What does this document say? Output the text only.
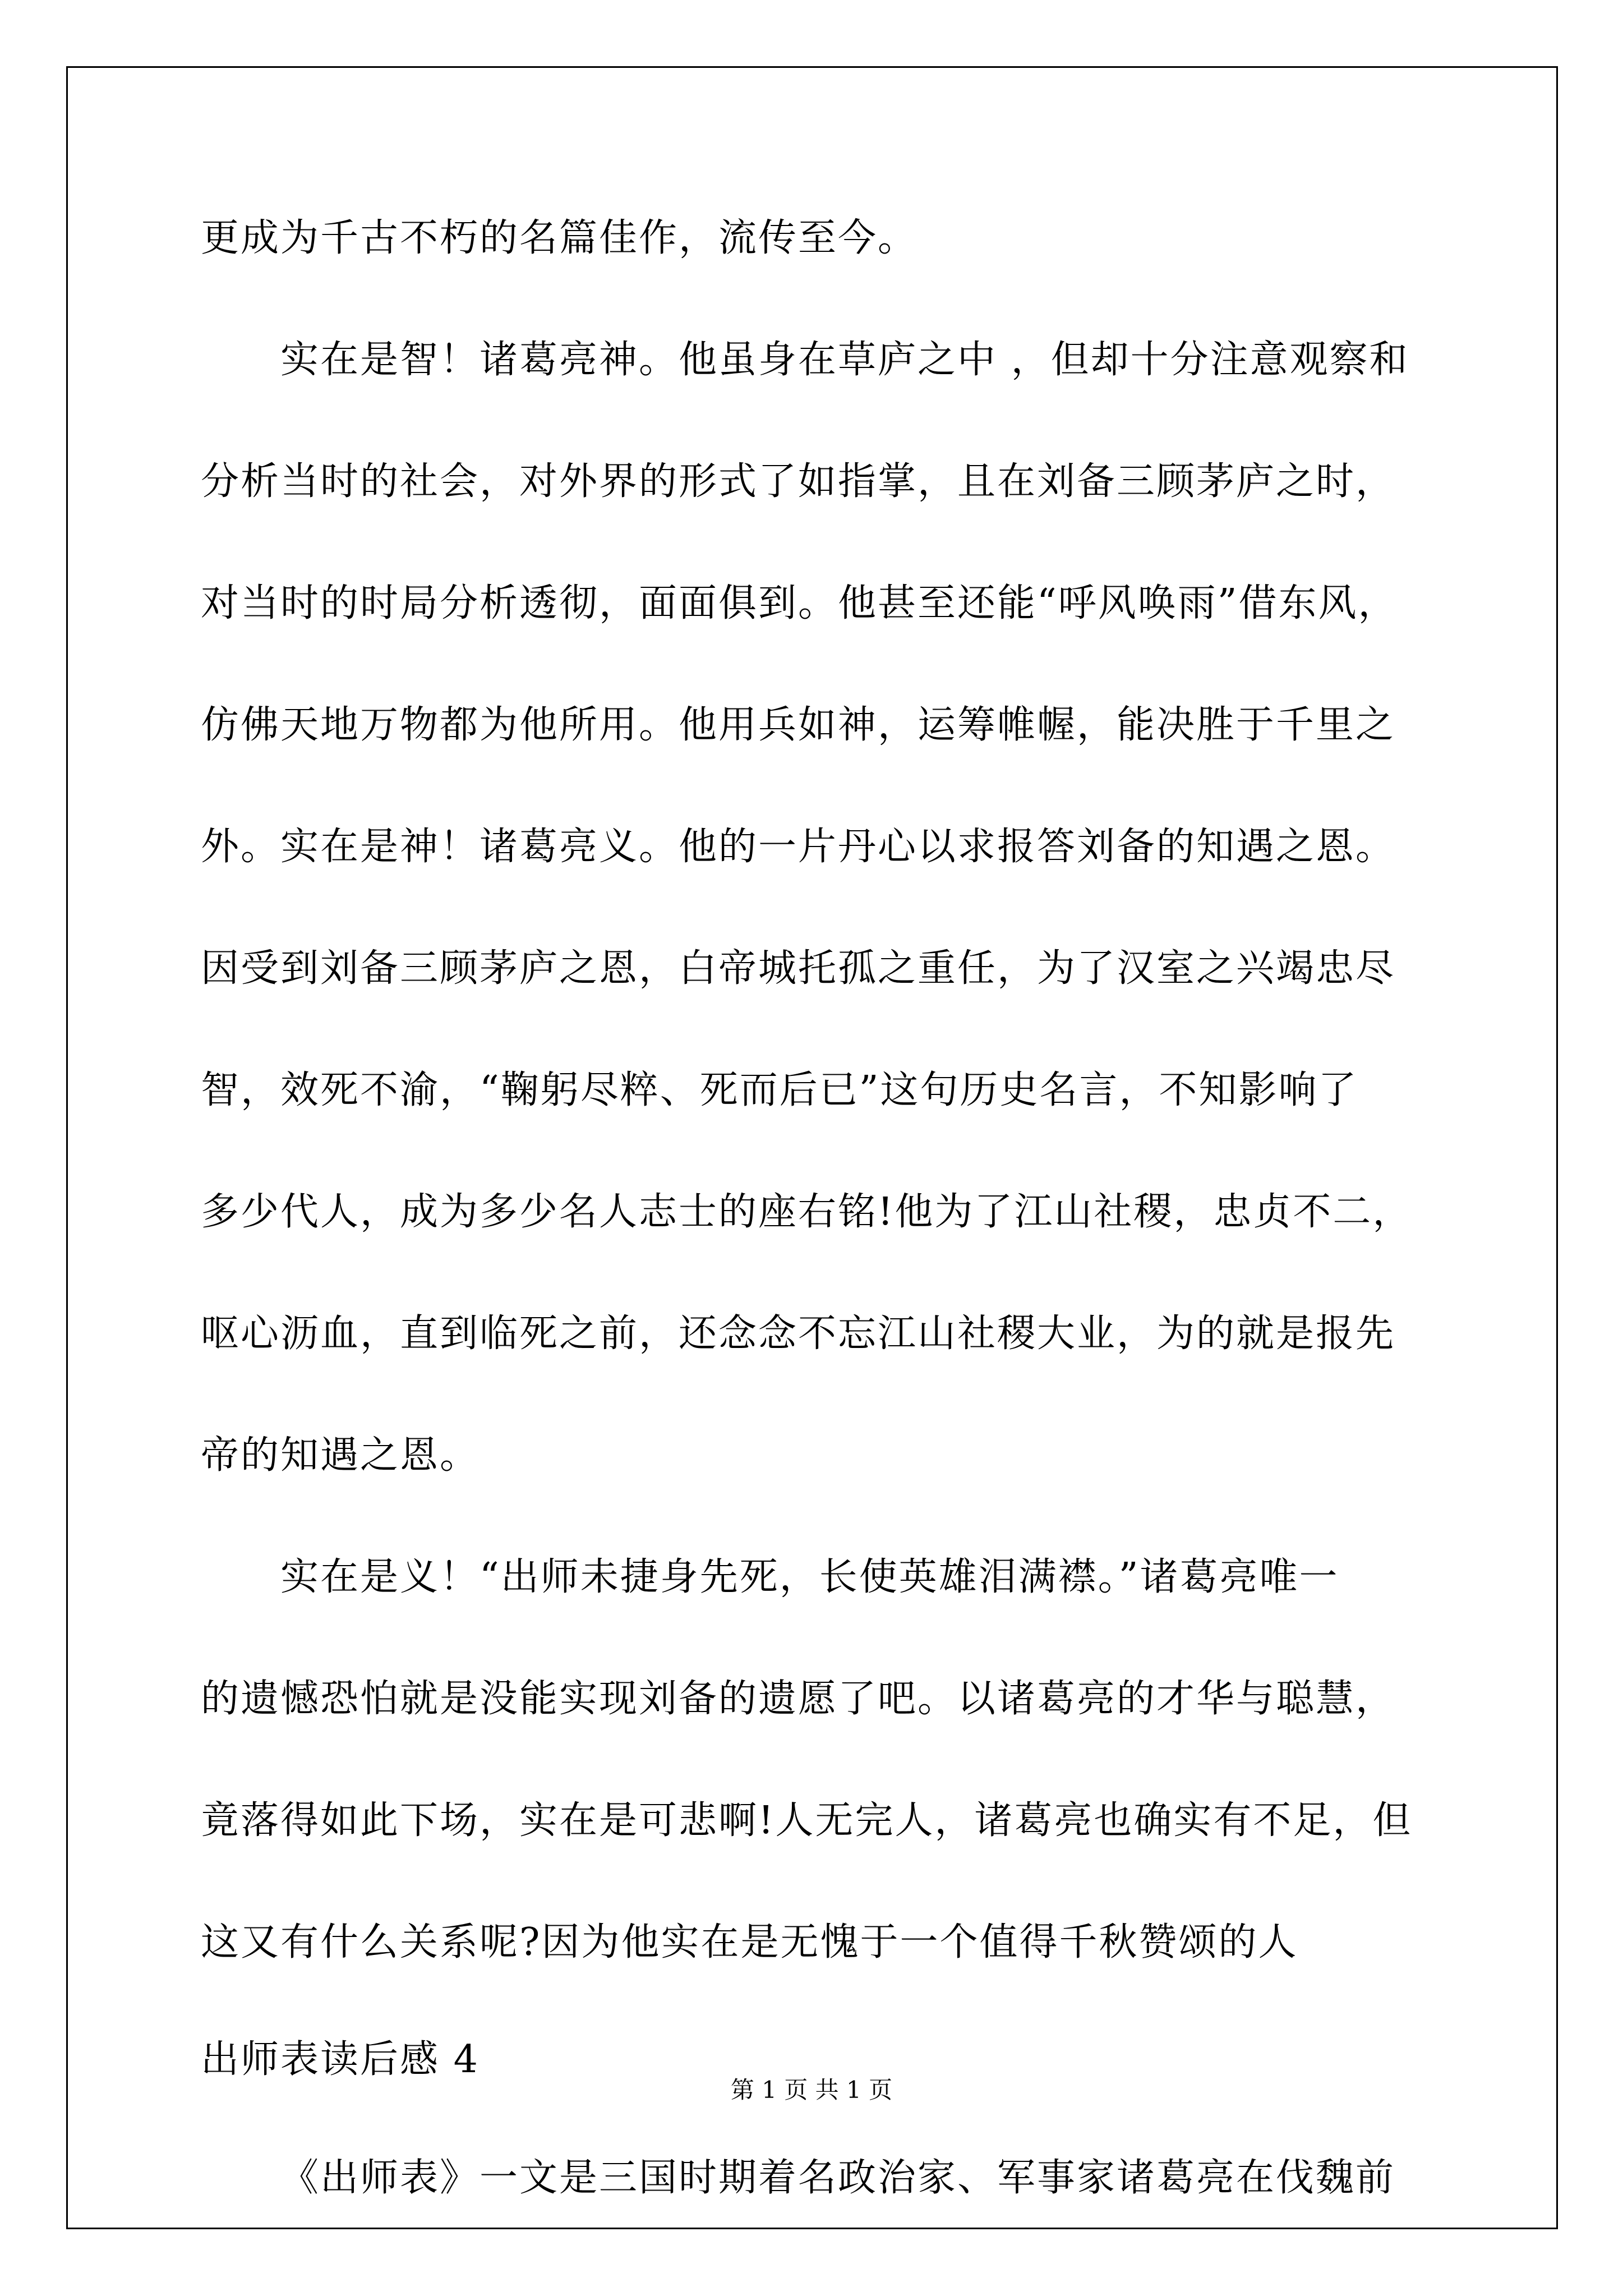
更成为千古不朽的名篇佳作，流传至今。
实在是智！诸葛亮神。他虽身在草庐之中 ，但却十分注意观察和
分析当时的社会，对外界的形式了如指掌，且在刘备三顾茅庐之时，
对当时的时局分析透彻，面面俱到。他甚至还能“呼风唤雨”借东风，
仿佛天地万物都为他所用。他用兵如神，运筹帷幄，能决胜于千里之
外。实在是神！诸葛亮义。他的一片丹心以求报答刘备的知遇之恩。
因受到刘备三顾茅庐之恩，白帝城托孤之重任，为了汉室之兴竭忠尽
智，效死不渝，“鞠躬尽粹、死而后已”这句历史名言，不知影响了
多少代人，成为多少名人志士的座右铭!他为了江山社稷，忠贞不二，
呕心沥血，直到临死之前，还念念不忘江山社稷大业，为的就是报先
帝的知遇之恩。
实在是义！“出师未捷身先死，长使英雄泪满襟。”诸葛亮唯一
的遗憾恐怕就是没能实现刘备的遗愿了吧。以诸葛亮的才华与聪慧，
竟落得如此下场，实在是可悲啊!人无完人，诸葛亮也确实有不足，但
这又有什么关系呢?因为他实在是无愧于一个值得千秋赞颂的人
出师表读后感 4
《出师表》一文是三国时期着名政治家、军事家诸葛亮在伐魏前
第 1 页 共 1 页
